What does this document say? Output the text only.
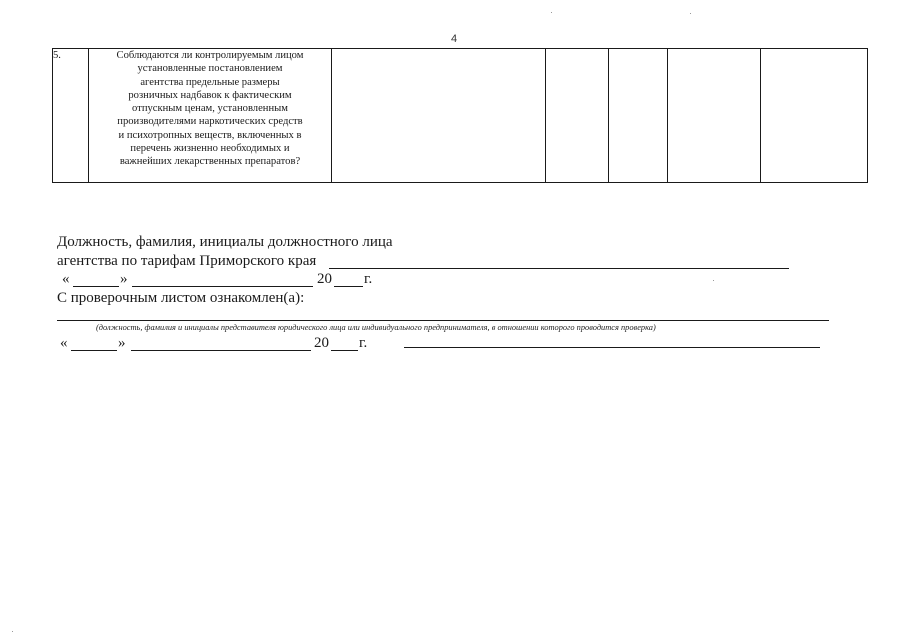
4
5.	Соблюдаются ли контролируемым лицом
установленные постановлением
агентства предельные размеры
розничных надбавок к фактическим
отпускным ценам, установленным
производителями наркотических средств
и психотропных веществ, включенных в
перечень жизненно необходимых и
важнейших лекарственных препаратов?

Должность, фамилия, инициалы должностного лица
агентства по тарифам Приморского края
«	»	20 г.
С проверочным листом ознакомлен(а):
(должность, фамилия и инициалы представителя юридического лица или индивидуального предпринимателя, в отношении которого проводится проверка)
«	»	20 г.
